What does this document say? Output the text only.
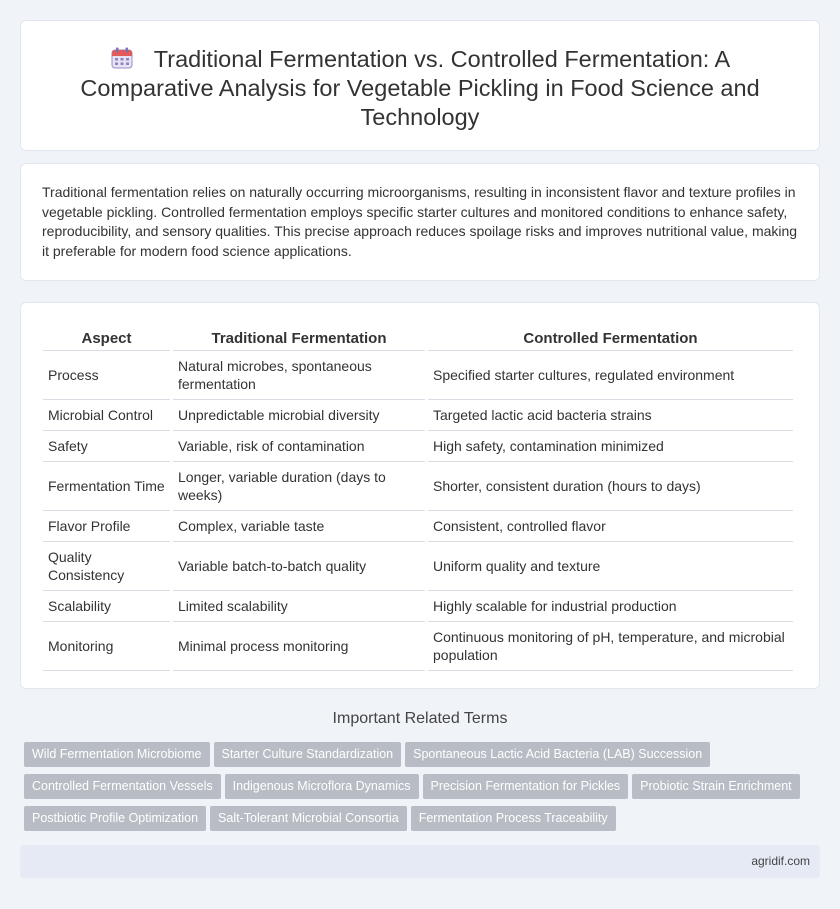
Traditional Fermentation vs. Controlled Fermentation: A Comparative Analysis for Vegetable Pickling in Food Science and Technology

Traditional fermentation relies on naturally occurring microorganisms, resulting in inconsistent flavor and texture profiles in vegetable pickling. Controlled fermentation employs specific starter cultures and monitored conditions to enhance safety, reproducibility, and sensory qualities. This precise approach reduces spoilage risks and improves nutritional value, making it preferable for modern food science applications.

Aspect	Traditional Fermentation	Controlled Fermentation
Process	Natural microbes, spontaneous fermentation	Specified starter cultures, regulated environment
Microbial Control	Unpredictable microbial diversity	Targeted lactic acid bacteria strains
Safety	Variable, risk of contamination	High safety, contamination minimized
Fermentation Time	Longer, variable duration (days to weeks)	Shorter, consistent duration (hours to days)
Flavor Profile	Complex, variable taste	Consistent, controlled flavor
Quality Consistency	Variable batch-to-batch quality	Uniform quality and texture
Scalability	Limited scalability	Highly scalable for industrial production
Monitoring	Minimal process monitoring	Continuous monitoring of pH, temperature, and microbial population
Important Related Terms
Wild Fermentation Microbiome Starter Culture Standardization Spontaneous Lactic Acid Bacteria (LAB) Succession
Controlled Fermentation Vessels Indigenous Microflora Dynamics Precision Fermentation for Pickles Probiotic Strain Enrichment
Postbiotic Profile Optimization Salt-Tolerant Microbial Consortia Fermentation Process Traceability
agridif.com
